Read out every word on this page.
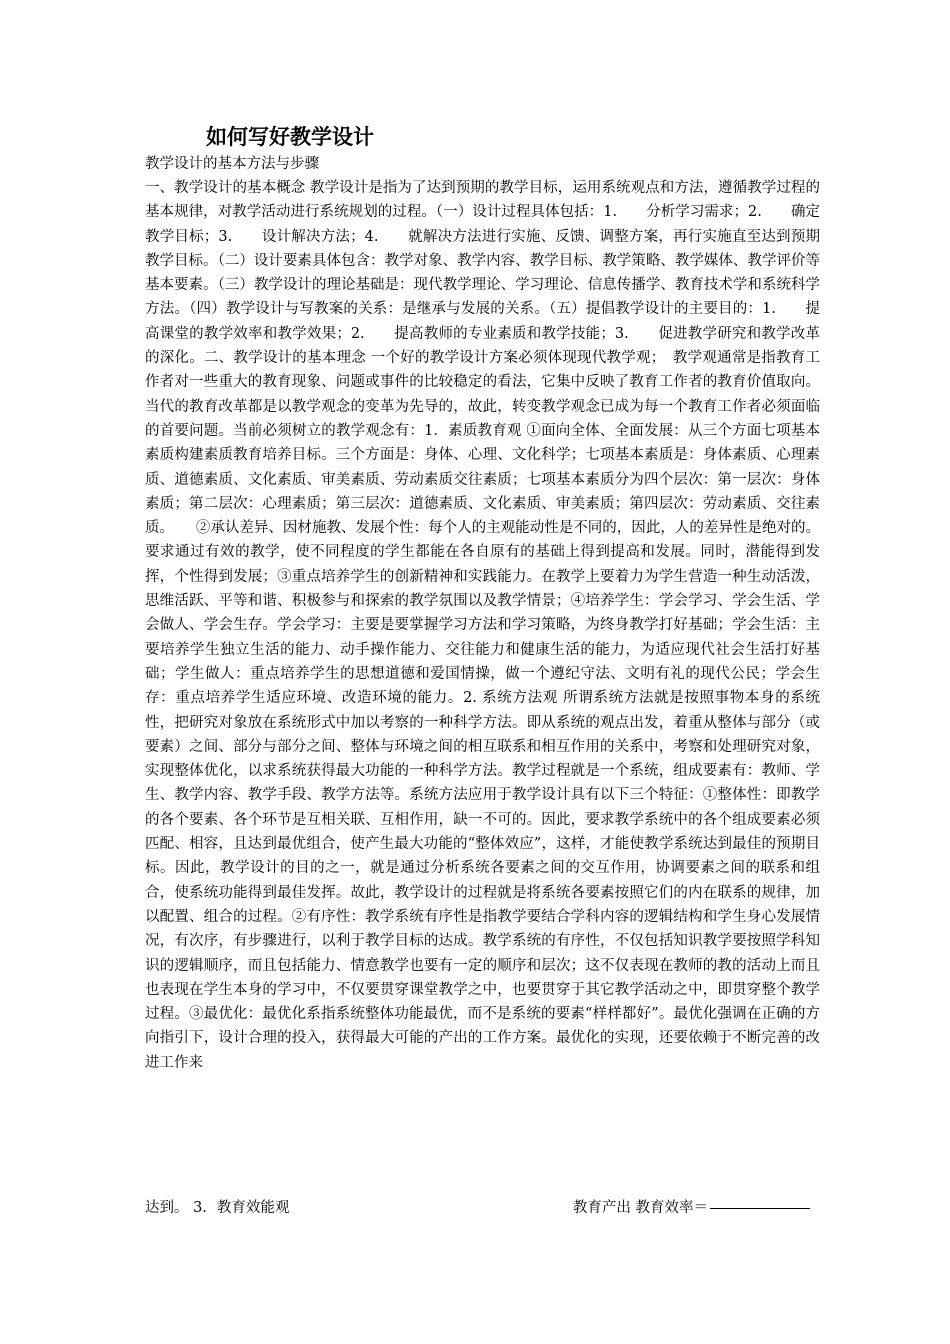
如何写好教学设计
教学设计的基本方法与步骤
一、教学设计的基本概念 教学设计是指为了达到预期的教学目标，运用系统观点和方法，遵循教学过程的基本规律，对教学活动进行系统规划的过程。（一）设计过程具体包括：1.　　分析学习需求；2.　　确定教学目标；3.　　设计解决方法；4.　　就解决方法进行实施、反馈、调整方案，再行实施直至达到预期教学目标。（二）设计要素具体包含：教学对象、教学内容、教学目标、教学策略、教学媒体、教学评价等基本要素。（三）教学设计的理论基础是：现代教学理论、学习理论、信息传播学、教育技术学和系统科学方法。（四）教学设计与写教案的关系：是继承与发展的关系。（五）提倡教学设计的主要目的：1.　　提高课堂的教学效率和教学效果；2.　　提高教师的专业素质和教学技能；3.　　促进教学研究和教学改革的深化。二、教学设计的基本理念 一个好的教学设计方案必须体现现代教学观；　教学观通常是指教育工作者对一些重大的教育现象、问题或事件的比较稳定的看法，它集中反映了教育工作者的教育价值取向。当代的教育改革都是以教学观念的变革为先导的，故此，转变教学观念已成为每一个教育工作者必须面临的首要问题。当前必须树立的教学观念有：1．素质教育观 ①面向全体、全面发展：从三个方面七项基本素质构建素质教育培养目标。三个方面是：身体、心理、文化科学；七项基本素质是：身体素质、心理素质、道德素质、文化素质、审美素质、劳动素质交往素质；七项基本素质分为四个层次：第一层次：身体素质；第二层次：心理素质；第三层次：道德素质、文化素质、审美素质；第四层次：劳动素质、交往素质。　　②承认差异、因材施教、发展个性：每个人的主观能动性是不同的，因此，人的差异性是绝对的。要求通过有效的教学，使不同程度的学生都能在各自原有的基础上得到提高和发展。同时，潜能得到发挥，个性得到发展；③重点培养学生的创新精神和实践能力。在教学上要着力为学生营造一种生动活泼，思维活跃、平等和谐、积极参与和探索的教学氛围以及教学情景；④培养学生：学会学习、学会生活、学会做人、学会生存。学会学习：主要是要掌握学习方法和学习策略，为终身教学打好基础；学会生活：主要培养学生独立生活的能力、动手操作能力、交往能力和健康生活的能力，为适应现代社会生活打好基础；学生做人：重点培养学生的思想道德和爱国情操，做一个遵纪守法、文明有礼的现代公民；学会生存：重点培养学生适应环境、改造环境的能力。2. 系统方法观 所谓系统方法就是按照事物本身的系统性，把研究对象放在系统形式中加以考察的一种科学方法。即从系统的观点出发，着重从整体与部分（或要素）之间、部分与部分之间、整体与环境之间的相互联系和相互作用的关系中，考察和处理研究对象，实现整体优化，以求系统获得最大功能的一种科学方法。教学过程就是一个系统，组成要素有：教师、学生、教学内容、教学手段、教学方法等。系统方法应用于教学设计具有以下三个特征：①整体性：即教学的各个要素、各个环节是互相关联、互相作用，缺一不可的。因此，要求教学系统中的各个组成要素必须匹配、相容，且达到最优组合，使产生最大功能的“整体效应”，这样，才能使教学系统达到最佳的预期目标。因此，教学设计的目的之一，就是通过分析系统各要素之间的交互作用，协调要素之间的联系和组合，使系统功能得到最佳发挥。故此，教学设计的过程就是将系统各要素按照它们的内在联系的规律，加以配置、组合的过程。②有序性：教学系统有序性是指教学要结合学科内容的逻辑结构和学生身心发展情况，有次序，有步骤进行，以利于教学目标的达成。教学系统的有序性，不仅包括知识教学要按照学科知识的逻辑顺序，而且包括能力、情意教学也要有一定的顺序和层次；这不仅表现在教师的教的活动上而且也表现在学生本身的学习中，不仅要贯穿课堂教学之中，也要贯穿于其它教学活动之中，即贯穿整个教学过程。③最优化：最优化系指系统整体功能最优，而不是系统的要素“样样都好”。最优化强调在正确的方向指引下，设计合理的投入，获得最大可能的产出的工作方案。最优化的实现，还要依赖于不断完善的改进工作来
达到。 3．教育效能观	教育产出 教育效率＝
